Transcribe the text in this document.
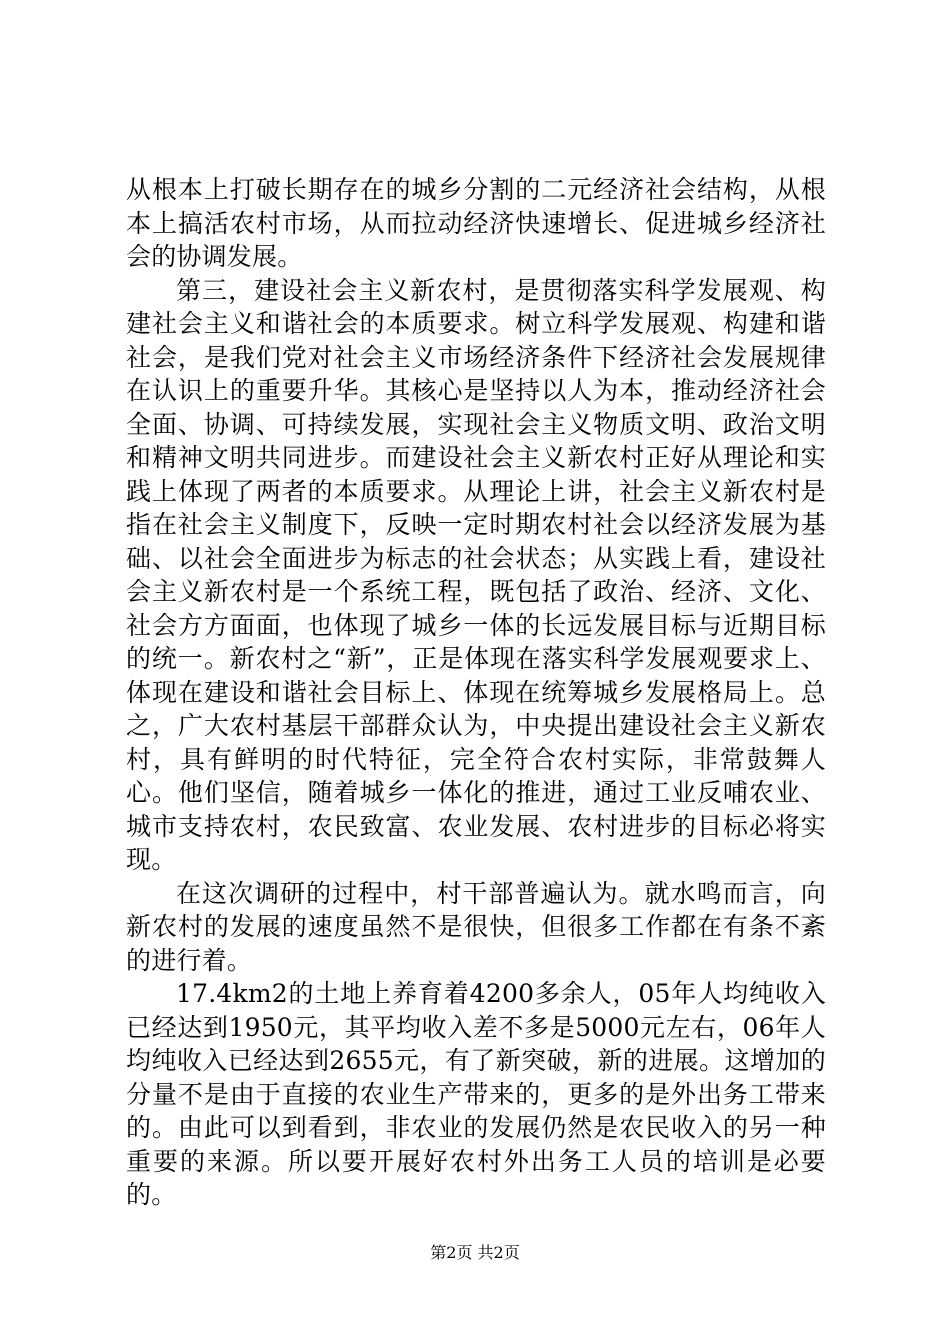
从根本上打破长期存在的城乡分割的二元经济社会结构，从根本上搞活农村市场，从而拉动经济快速增长、促进城乡经济社会的协调发展。

第三，建设社会主义新农村，是贯彻落实科学发展观、构建社会主义和谐社会的本质要求。树立科学发展观、构建和谐社会，是我们党对社会主义市场经济条件下经济社会发展规律在认识上的重要升华。其核心是坚持以人为本，推动经济社会全面、协调、可持续发展，实现社会主义物质文明、政治文明和精神文明共同进步。而建设社会主义新农村正好从理论和实践上体现了两者的本质要求。从理论上讲，社会主义新农村是指在社会主义制度下，反映一定时期农村社会以经济发展为基础、以社会全面进步为标志的社会状态；从实践上看，建设社会主义新农村是一个系统工程，既包括了政治、经济、文化、社会方方面面，也体现了城乡一体的长远发展目标与近期目标的统一。新农村之“新”，正是体现在落实科学发展观要求上、体现在建设和谐社会目标上、体现在统筹城乡发展格局上。总之，广大农村基层干部群众认为，中央提出建设社会主义新农村，具有鲜明的时代特征，完全符合农村实际，非常鼓舞人心。他们坚信，随着城乡一体化的推进，通过工业反哺农业、城市支持农村，农民致富、农业发展、农村进步的目标必将实现。

在这次调研的过程中，村干部普遍认为。就水鸣而言，向新农村的发展的速度虽然不是很快，但很多工作都在有条不紊的进行着。

17.4km2的土地上养育着4200多余人，05年人均纯收入已经达到1950元，其平均收入差不多是5000元左右，06年人均纯收入已经达到2655元，有了新突破，新的进展。这增加的分量不是由于直接的农业生产带来的，更多的是外出务工带来的。由此可以到看到，非农业的发展仍然是农民收入的另一种重要的来源。所以要开展好农村外出务工人员的培训是必要的。

第2页 共2页
